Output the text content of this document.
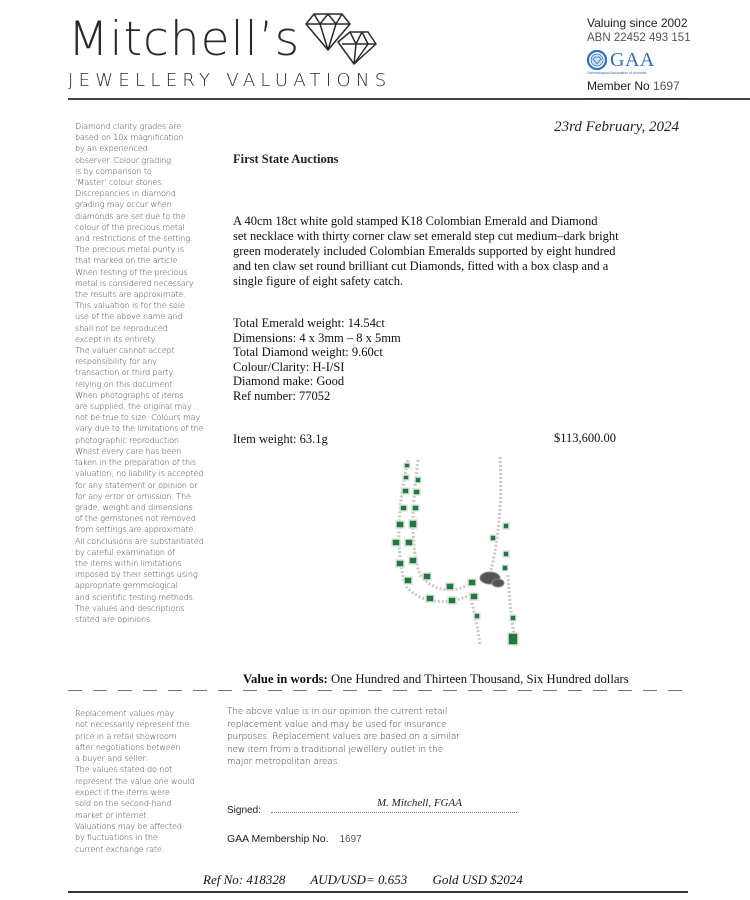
Mitchell’s
JEWELLERY VALUATIONS
Valuing since 2002
ABN 22452 493 151
GAA
Gemmological Association of Australia
Member No 1697
Diamond clarity grades are
based on 10x magnification
by an experienced
observer. Colour grading
is by comparison to
‘Master’ colour stones.
Discrepancies in diamond
grading may occur when
diamonds are set due to the
colour of the precious metal
and restrictions of the setting.
The precious metal purity is
that marked on the article.
When testing of the precious
metal is considered necessary
the results are approximate.
This valuation is for the sole
use of the above name and
shall not be reproduced
except in its entirety.
The valuer cannot accept
responsibility for any
transaction or third party
relying on this document.
When photographs of items
are supplied, the original may
not be true to size. Colours may
vary due to the limitations of the
photographic reproduction.
Whilst every care has been
taken in the preparation of this
valuation, no liability is accepted
for any statement or opinion or
for any error or omission. The
grade, weight and dimensions
of the gemstones not removed
from settings are approximate.
All conclusions are substantiated
by careful examination of
the items within limitations
imposed by their settings using
appropriate gemmological
and scientific testing methods.
The values and descriptions
stated are opinions.
23rd February, 2024
First State Auctions
A 40cm 18ct white gold stamped K18 Colombian Emerald and Diamond
set necklace with thirty corner claw set emerald step cut medium–dark bright
green moderately included Colombian Emeralds supported by eight hundred
and ten claw set round brilliant cut Diamonds, fitted with a box clasp and a
single figure of eight safety catch.
Total Emerald weight: 14.54ct
Dimensions: 4 x 3mm – 8 x 5mm
Total Diamond weight: 9.60ct
Colour/Clarity: H-I/SI
Diamond make: Good
Ref number: 77052
Item weight: 63.1g	$113,600.00
Value in words: One Hundred and Thirteen Thousand, Six Hundred dollars
Replacement values may
not necessarily represent the
price in a retail showroom
after negotiations between
a buyer and seller.
The values stated do not
represent the value one would
expect if the items were
sold on the second-hand
market or internet.
Valuations may be affected
by fluctuations in the
current exchange rate.
The above value is in our opinion the current retail
replacement value and may be used for insurance
purposes. Replacement values are based on a similar
new item from a traditional jewellery outlet in the
major metropolitan areas.
Signed:
M. Mitchell, FGAA
GAA Membership No. 1697
Ref No: 418328 AUD/USD= 0.653 Gold USD $2024
